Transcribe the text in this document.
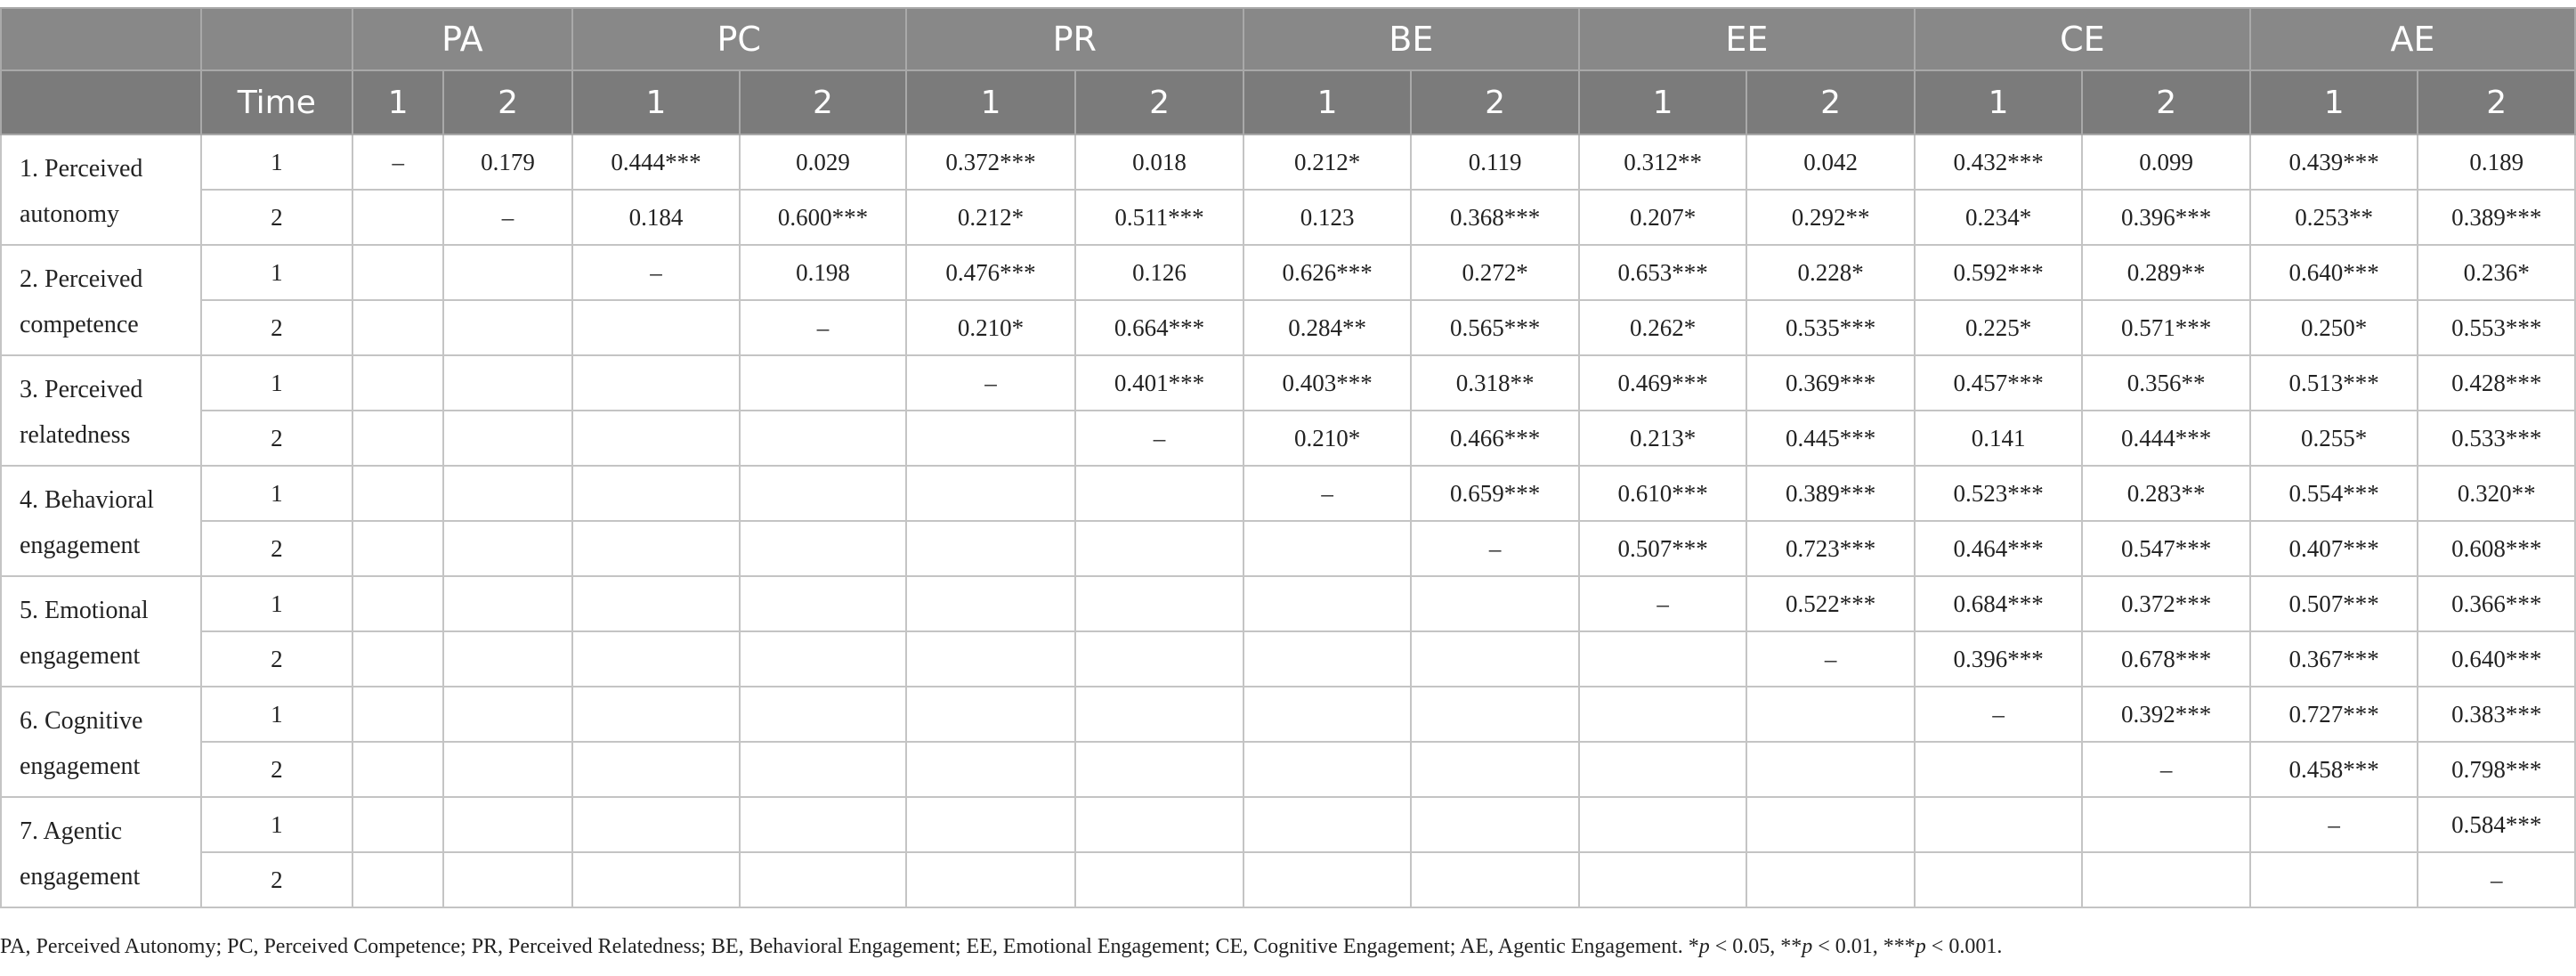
		PA		PC		PR		BE		EE		CE		AE	
	Time	1	2	1	2	1	2	1	2	1	2	1	2	1	2
1. Perceived autonomy	1	–	0.179	0.444***	0.029	0.372***	0.018	0.212*	0.119	0.312**	0.042	0.432***	0.099	0.439***	0.189
	2		–	0.184	0.600***	0.212*	0.511***	0.123	0.368***	0.207*	0.292**	0.234*	0.396***	0.253**	0.389***
2. Perceived competence	1			–	0.198	0.476***	0.126	0.626***	0.272*	0.653***	0.228*	0.592***	0.289**	0.640***	0.236*
	2				–	0.210*	0.664***	0.284**	0.565***	0.262*	0.535***	0.225*	0.571***	0.250*	0.553***
3. Perceived relatedness	1					–	0.401***	0.403***	0.318**	0.469***	0.369***	0.457***	0.356**	0.513***	0.428***
	2						–	0.210*	0.466***	0.213*	0.445***	0.141	0.444***	0.255*	0.533***
4. Behavioral engagement	1							–	0.659***	0.610***	0.389***	0.523***	0.283**	0.554***	0.320**
	2								–	0.507***	0.723***	0.464***	0.547***	0.407***	0.608***
5. Emotional engagement	1									–	0.522***	0.684***	0.372***	0.507***	0.366***
	2										–	0.396***	0.678***	0.367***	0.640***
6. Cognitive engagement	1											–	0.392***	0.727***	0.383***
	2												–	0.458***	0.798***
7. Agentic engagement	1													–	0.584***
	2														–
PA, Perceived Autonomy; PC, Perceived Competence; PR, Perceived Relatedness; BE, Behavioral Engagement; EE, Emotional Engagement; CE, Cognitive Engagement; AE, Agentic Engagement. *p < 0.05, **p < 0.01, ***p < 0.001.
